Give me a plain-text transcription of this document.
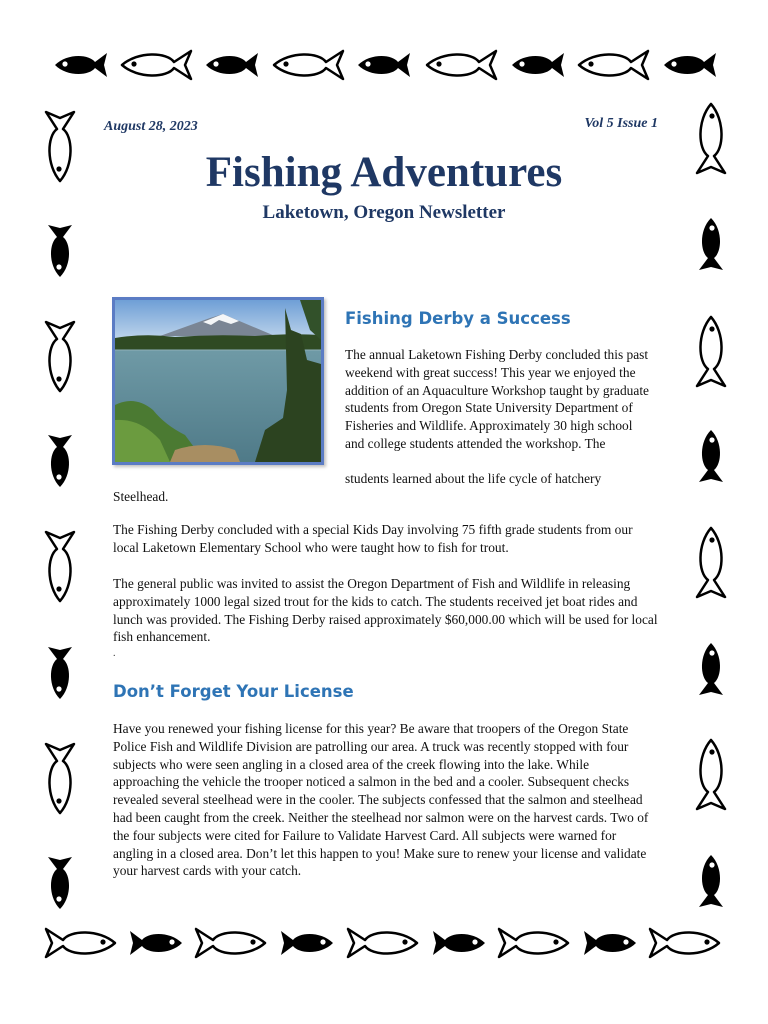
August 28, 2023	Vol 5 Issue 1
Fishing Adventures
Laketown, Oregon Newsletter
Fishing Derby a Success
The annual Laketown Fishing Derby concluded this past weekend with great success! This year we enjoyed the addition of an Aquaculture Workshop taught by graduate students from Oregon State University Department of Fisheries and Wildlife. Approximately 30 high school and college students attended the workshop. The
students learned about the life cycle of hatchery
Steelhead.
The Fishing Derby concluded with a special Kids Day involving 75 fifth grade students from our local Laketown Elementary School who were taught how to fish for trout.
The general public was invited to assist the Oregon Department of Fish and Wildlife in releasing approximately 1000 legal sized trout for the kids to catch. The students received jet boat rides and lunch was provided. The Fishing Derby raised approximately $60,000.00 which will be used for local fish enhancement.
.
Don’t Forget Your License
Have you renewed your fishing license for this year? Be aware that troopers of the Oregon State Police Fish and Wildlife Division are patrolling our area. A truck was recently stopped with four subjects who were seen angling in a closed area of the creek flowing into the lake. While approaching the vehicle the trooper noticed a salmon in the bed and a cooler. Subsequent checks revealed several steelhead were in the cooler. The subjects confessed that the salmon and steelhead had been caught from the creek. Neither the steelhead nor salmon were on the harvest cards. Two of the four subjects were cited for Failure to Validate Harvest Card. All subjects were warned for angling in a closed area. Don’t let this happen to you! Make sure to renew your license and validate your harvest cards with your catch.
